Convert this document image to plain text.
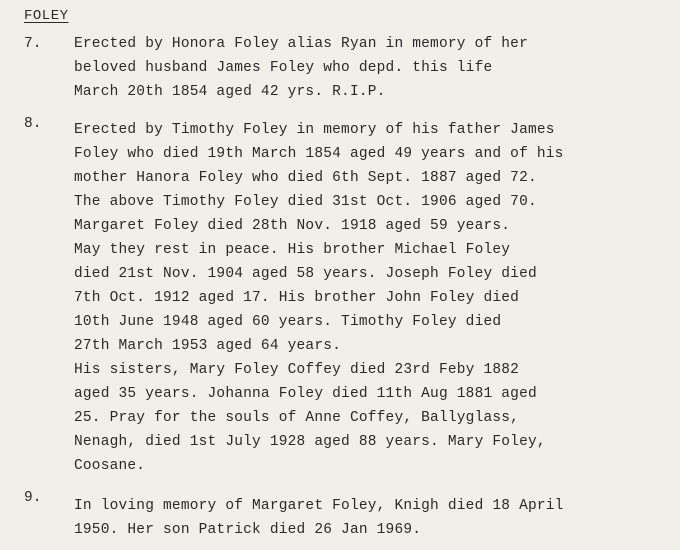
FOLEY
7. Erected by Honora Foley alias Ryan in memory of her
beloved husband James Foley who depd. this life
March 20th 1854 aged 42 yrs. R.I.P.
8. Erected by Timothy Foley in memory of his father James
Foley who died 19th March 1854 aged 49 years and of his
mother Hanora Foley who died 6th Sept. 1887 aged 72.
The above Timothy Foley died 31st Oct. 1906 aged 70.
Margaret Foley died 28th Nov. 1918 aged 59 years.
May they rest in peace. His brother Michael Foley
died 21st Nov. 1904 aged 58 years. Joseph Foley died
7th Oct. 1912 aged 17. His brother John Foley died
10th June 1948 aged 60 years. Timothy Foley died
27th March 1953 aged 64 years.
His sisters, Mary Foley Coffey died 23rd Feby 1882
aged 35 years. Johanna Foley died 11th Aug 1881 aged
25. Pray for the souls of Anne Coffey, Ballyglass,
Nenagh, died 1st July 1928 aged 88 years. Mary Foley,
Coosane.
9. In loving memory of Margaret Foley, Knigh died 18 April
1950. Her son Patrick died 26 Jan 1969.
